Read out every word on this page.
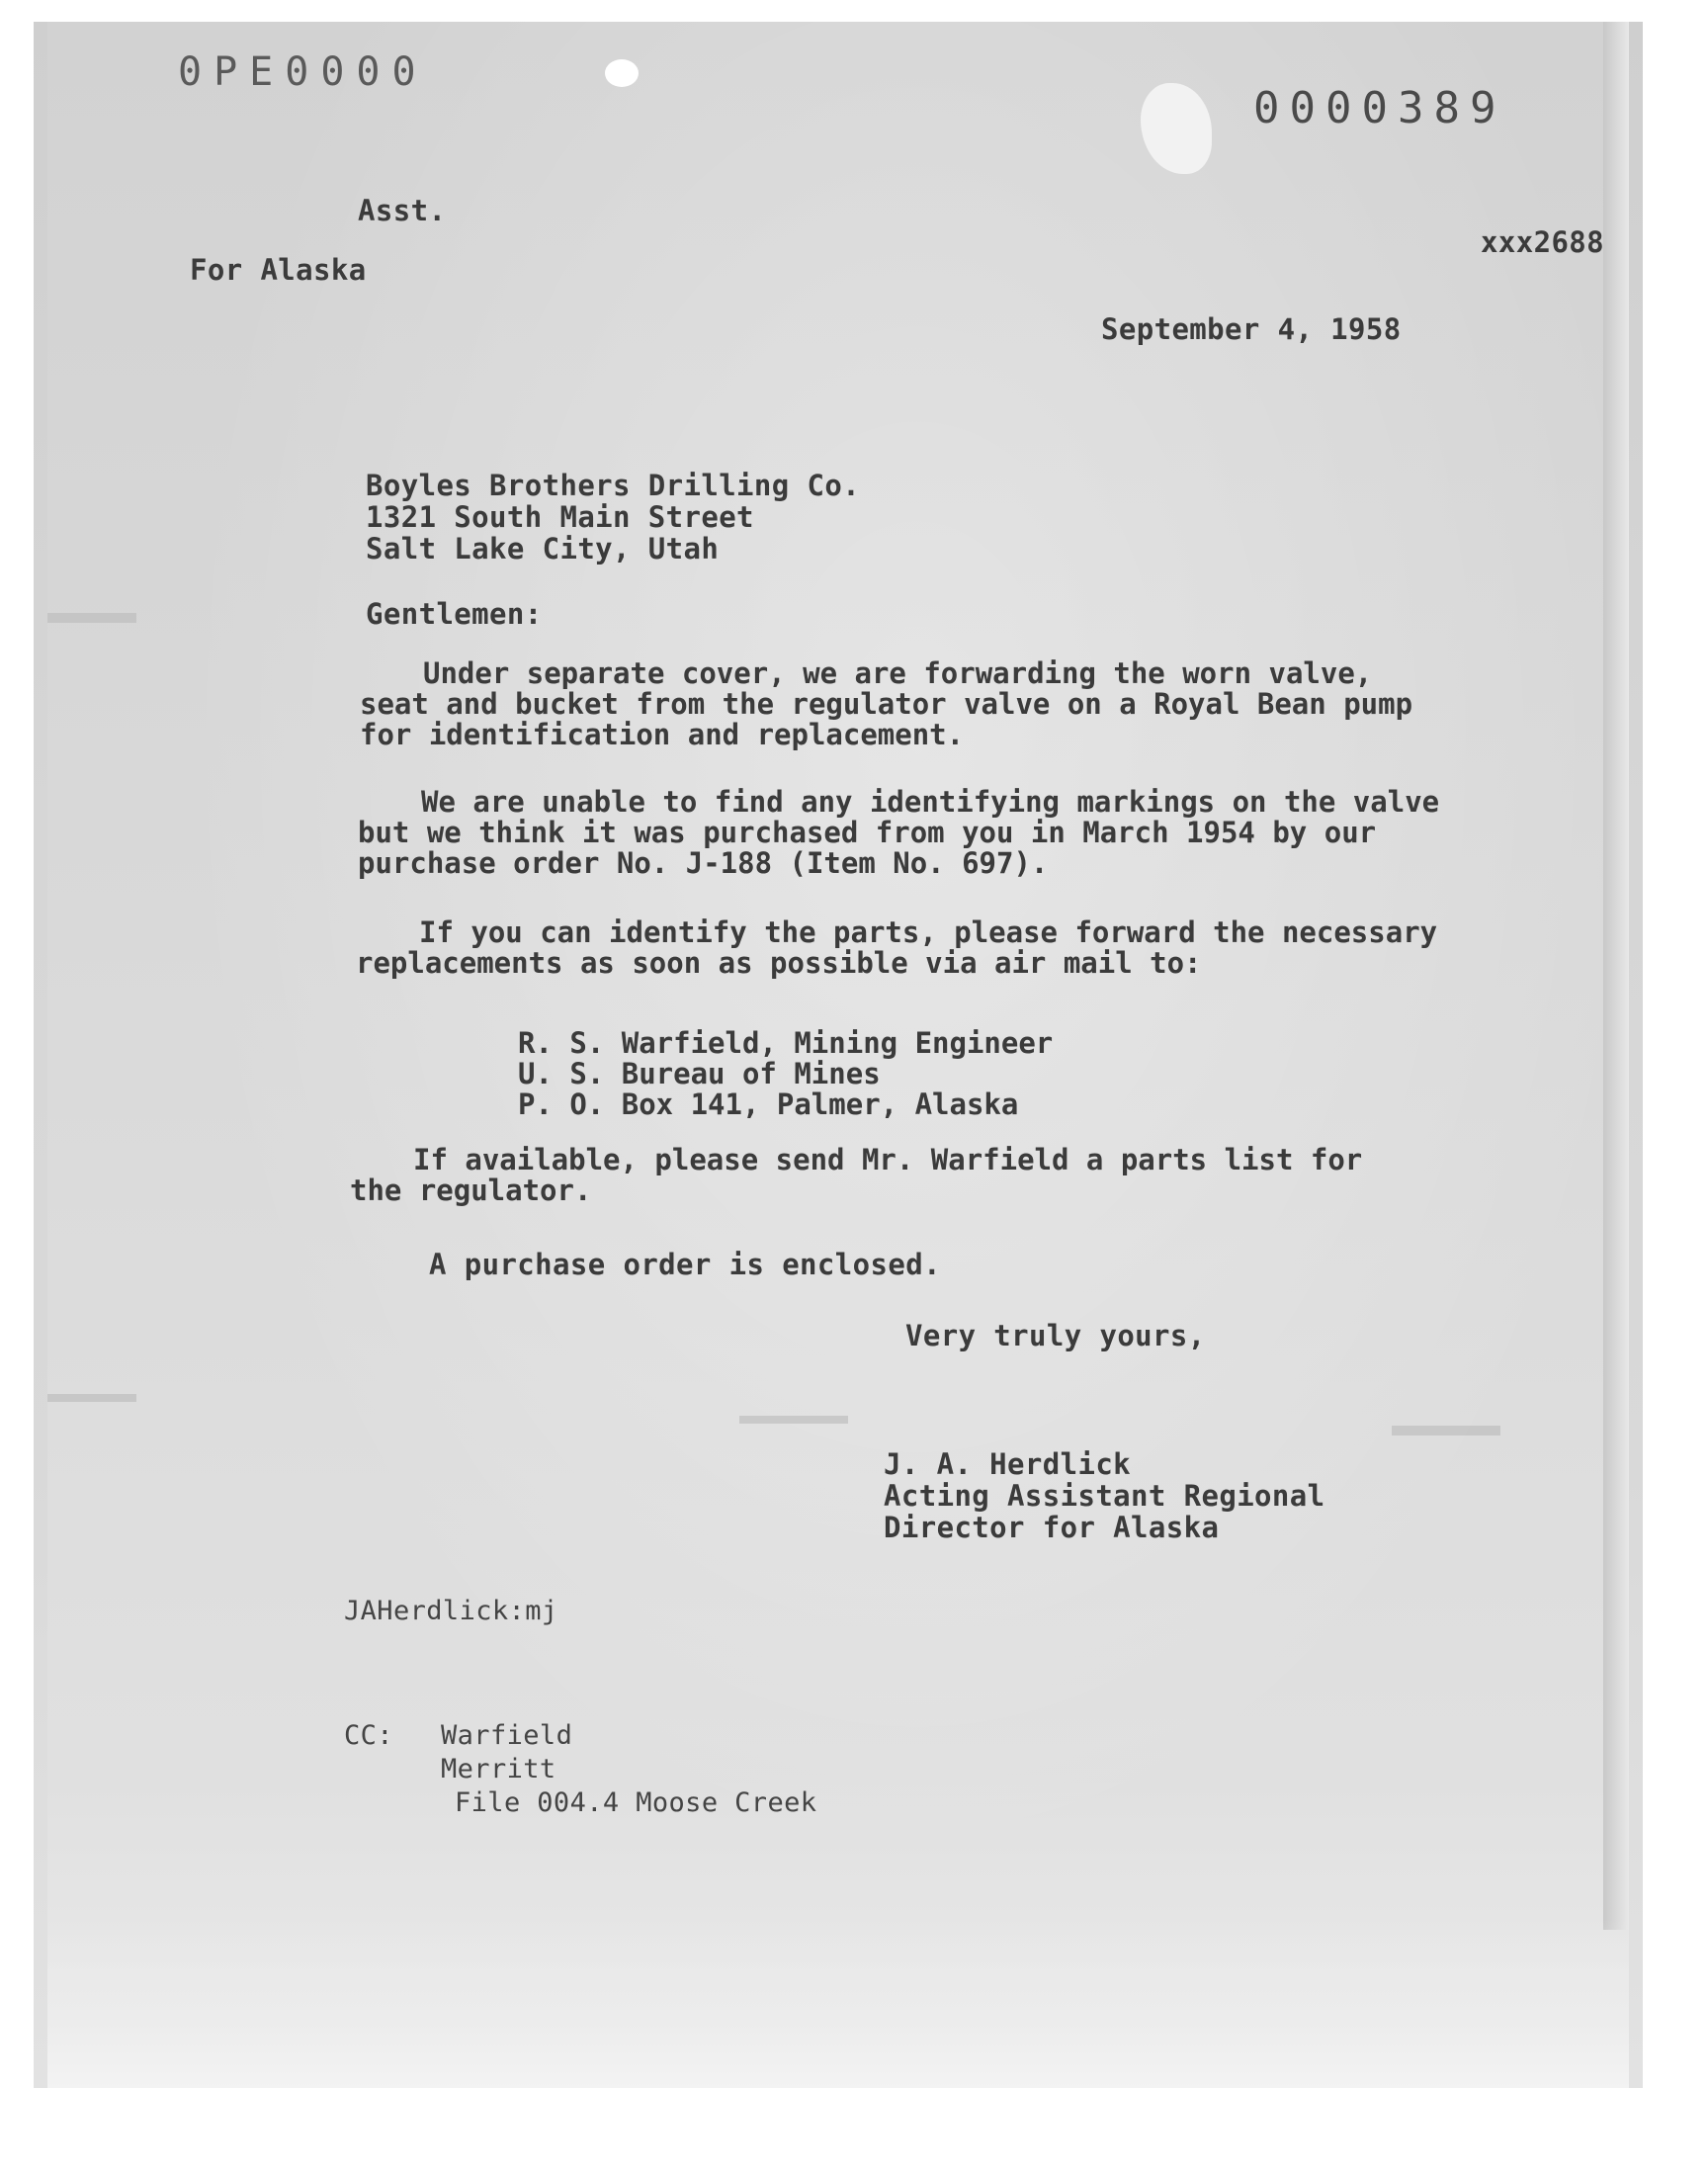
0PE0000
0000389
Asst.
For Alaska
xxx2688
September 4, 1958
Boyles Brothers Drilling Co.
1321 South Main Street
Salt Lake City, Utah
Gentlemen:
Under separate cover, we are forwarding the worn valve,
seat and bucket from the regulator valve on a Royal Bean pump
for identification and replacement.
We are unable to find any identifying markings on the valve
but we think it was purchased from you in March 1954 by our
purchase order No. J-188 (Item No. 697).
If you can identify the parts, please forward the necessary
replacements as soon as possible via air mail to:
R. S. Warfield, Mining Engineer
U. S. Bureau of Mines
P. O. Box 141, Palmer, Alaska
If available, please send Mr. Warfield a parts list for
the regulator.
A purchase order is enclosed.
Very truly yours,
J. A. Herdlick
Acting Assistant Regional
Director for Alaska
JAHerdlick:mj
CC: Warfield
Merritt
File 004.4 Moose Creek
